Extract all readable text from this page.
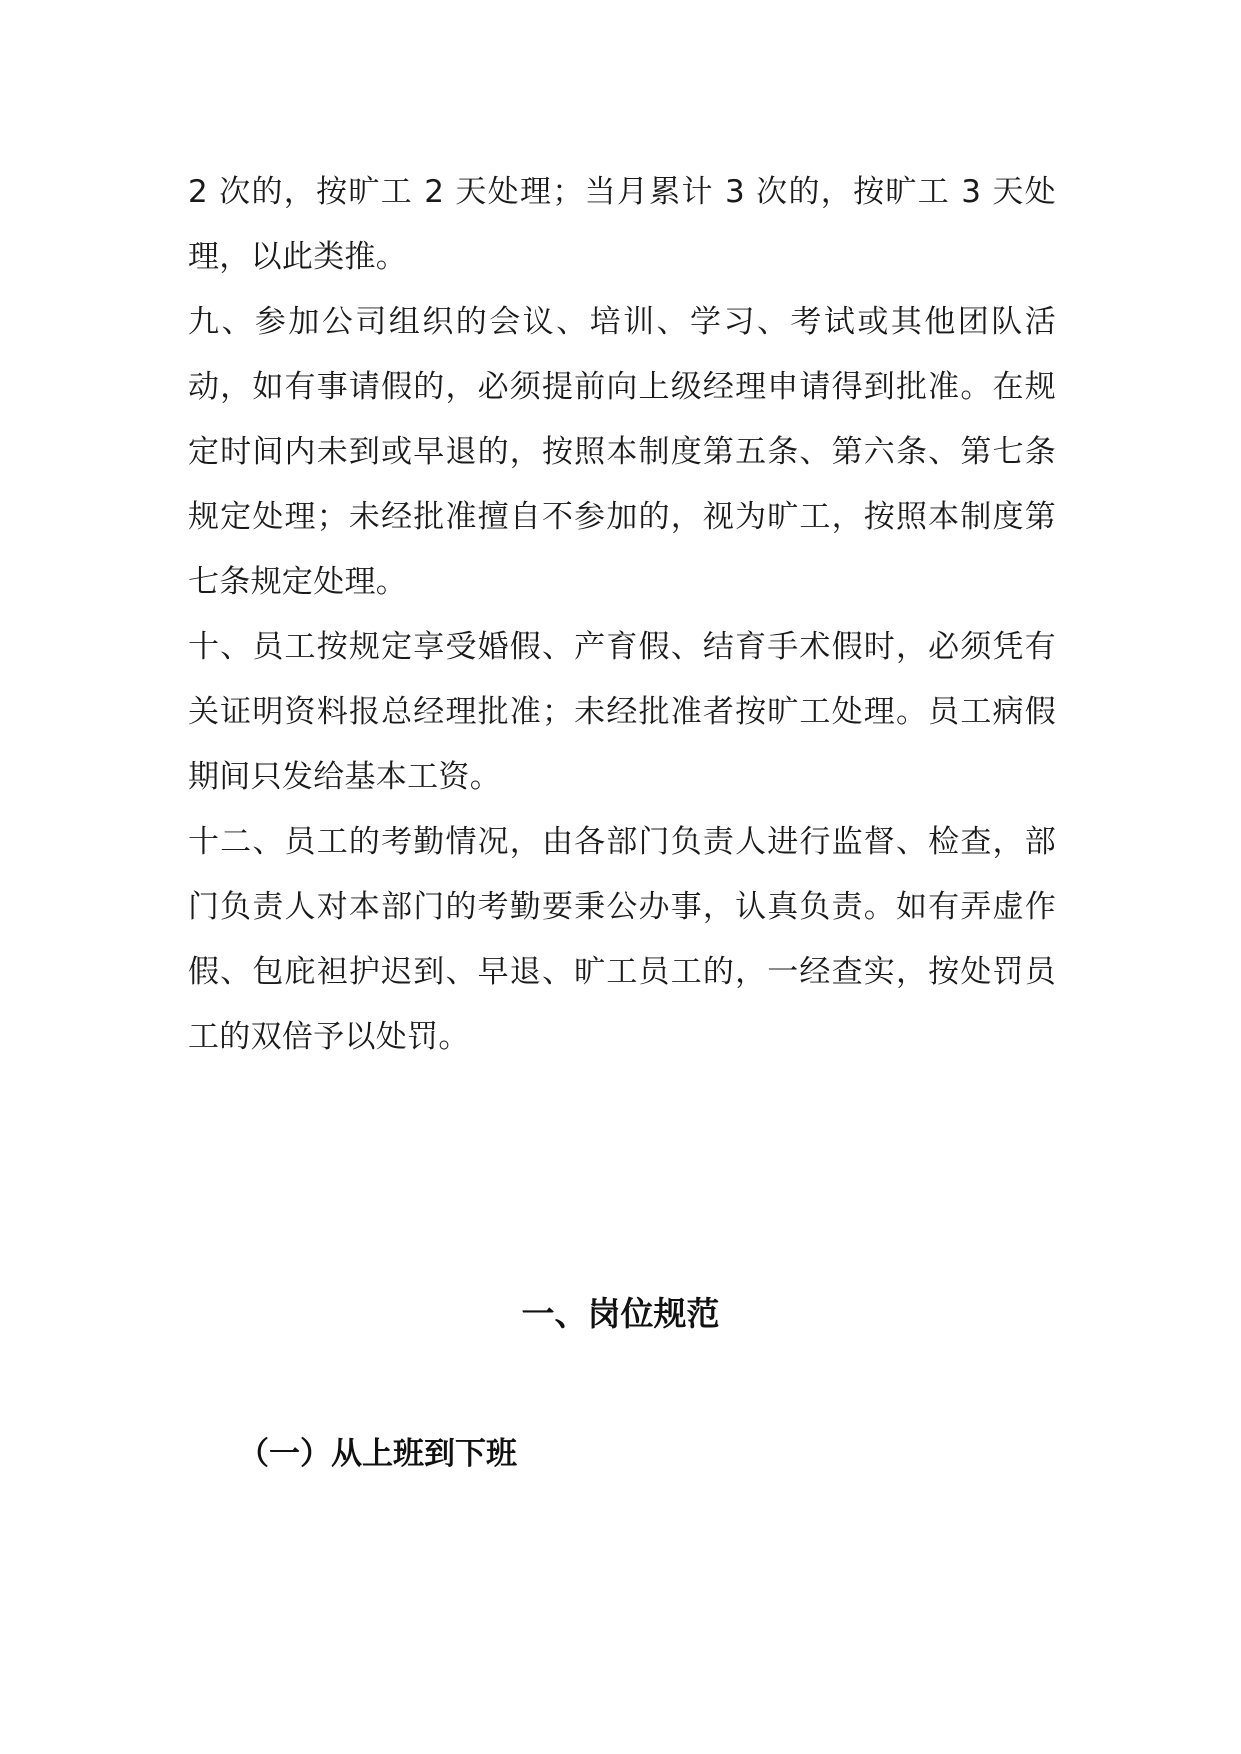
2 次的，按旷工 2 天处理；当月累计 3 次的，按旷工 3 天处理，以此类推。

九、参加公司组织的会议、培训、学习、考试或其他团队活动，如有事请假的，必须提前向上级经理申请得到批准。在规定时间内未到或早退的，按照本制度第五条、第六条、第七条规定处理；未经批准擅自不参加的，视为旷工，按照本制度第七条规定处理。

十、员工按规定享受婚假、产育假、结育手术假时，必须凭有关证明资料报总经理批准；未经批准者按旷工处理。员工病假期间只发给基本工资。

十二、员工的考勤情况，由各部门负责人进行监督、检查，部门负责人对本部门的考勤要秉公办事，认真负责。如有弄虚作假、包庇袒护迟到、早退、旷工员工的，一经查实，按处罚员工的双倍予以处罚。

一、岗位规范
（一）从上班到下班
